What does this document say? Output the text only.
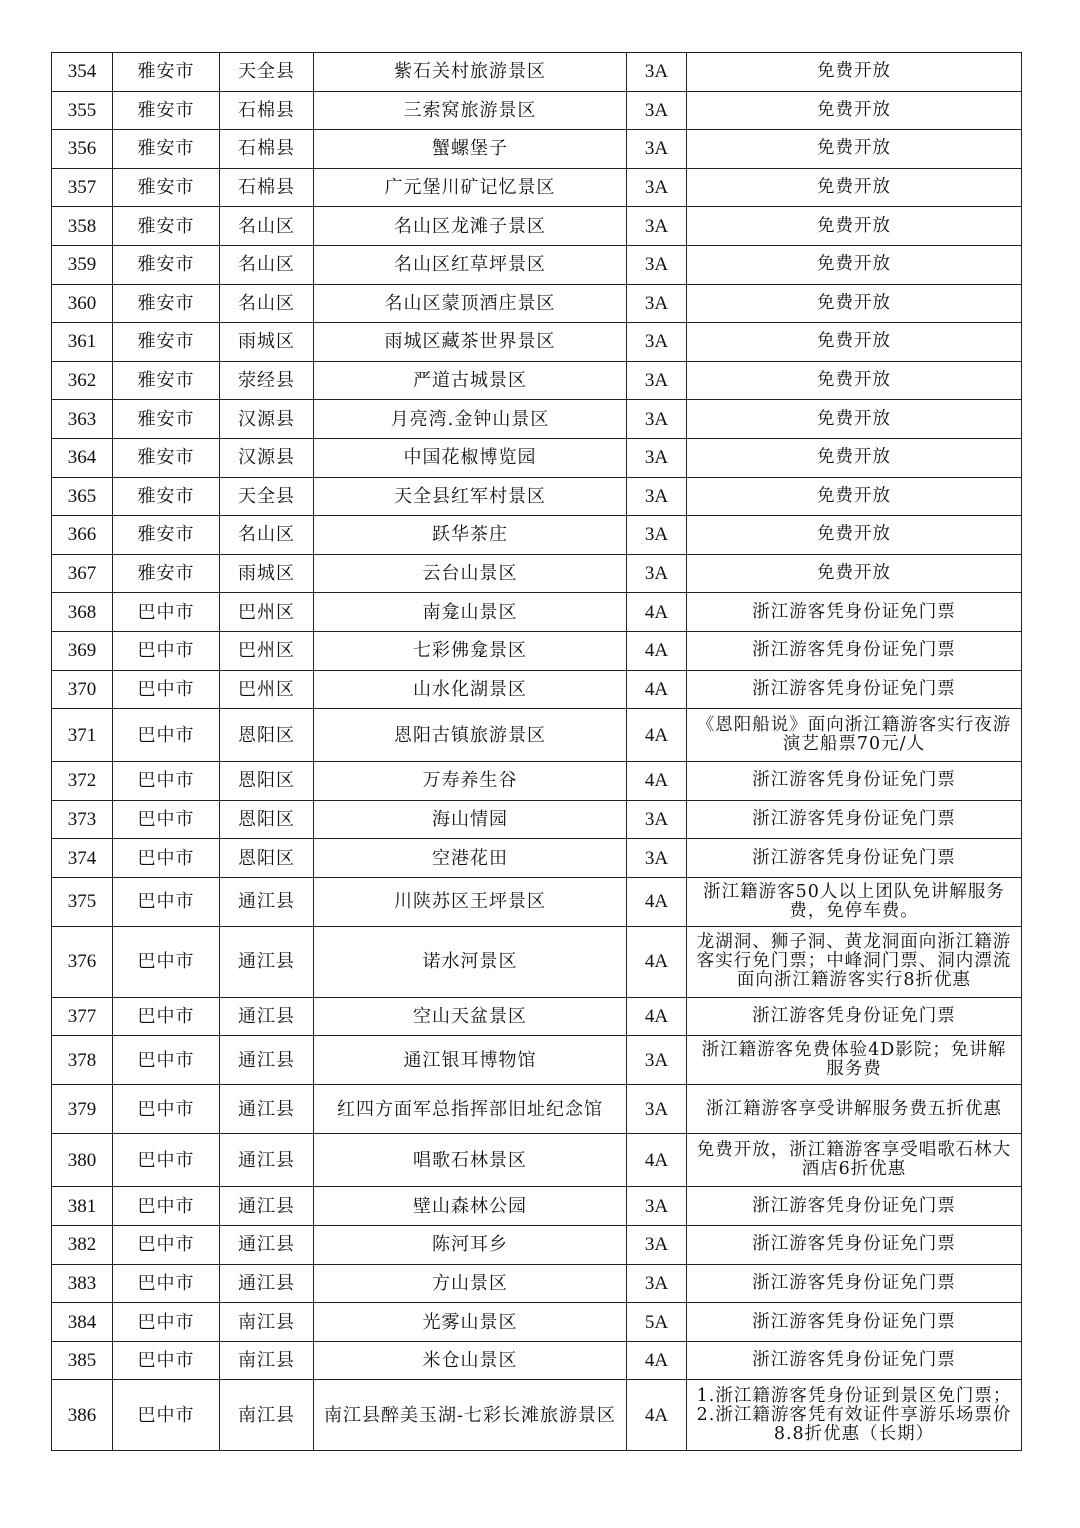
354	雅安市	天全县	紫石关村旅游景区	3A	免费开放
355	雅安市	石棉县	三索窝旅游景区	3A	免费开放
356	雅安市	石棉县	蟹螺堡子	3A	免费开放
357	雅安市	石棉县	广元堡川矿记忆景区	3A	免费开放
358	雅安市	名山区	名山区龙滩子景区	3A	免费开放
359	雅安市	名山区	名山区红草坪景区	3A	免费开放
360	雅安市	名山区	名山区蒙顶酒庄景区	3A	免费开放
361	雅安市	雨城区	雨城区藏茶世界景区	3A	免费开放
362	雅安市	荥经县	严道古城景区	3A	免费开放
363	雅安市	汉源县	月亮湾.金钟山景区	3A	免费开放
364	雅安市	汉源县	中国花椒博览园	3A	免费开放
365	雅安市	天全县	天全县红军村景区	3A	免费开放
366	雅安市	名山区	跃华茶庄	3A	免费开放
367	雅安市	雨城区	云台山景区	3A	免费开放
368	巴中市	巴州区	南龛山景区	4A	浙江游客凭身份证免门票
369	巴中市	巴州区	七彩佛龛景区	4A	浙江游客凭身份证免门票
370	巴中市	巴州区	山水化湖景区	4A	浙江游客凭身份证免门票
371	巴中市	恩阳区	恩阳古镇旅游景区	4A	《恩阳船说》面向浙江籍游客实行夜游演艺船票70元/人
372	巴中市	恩阳区	万寿养生谷	4A	浙江游客凭身份证免门票
373	巴中市	恩阳区	海山情园	3A	浙江游客凭身份证免门票
374	巴中市	恩阳区	空港花田	3A	浙江游客凭身份证免门票
375	巴中市	通江县	川陕苏区王坪景区	4A	浙江籍游客50人以上团队免讲解服务费，免停车费。
376	巴中市	通江县	诺水河景区	4A	龙湖洞、狮子洞、黄龙洞面向浙江籍游客实行免门票；中峰洞门票、洞内漂流面向浙江籍游客实行8折优惠
377	巴中市	通江县	空山天盆景区	4A	浙江游客凭身份证免门票
378	巴中市	通江县	通江银耳博物馆	3A	浙江籍游客免费体验4D影院；免讲解服务费
379	巴中市	通江县	红四方面军总指挥部旧址纪念馆	3A	浙江籍游客享受讲解服务费五折优惠
380	巴中市	通江县	唱歌石林景区	4A	免费开放，浙江籍游客享受唱歌石林大酒店6折优惠
381	巴中市	通江县	壁山森林公园	3A	浙江游客凭身份证免门票
382	巴中市	通江县	陈河耳乡	3A	浙江游客凭身份证免门票
383	巴中市	通江县	方山景区	3A	浙江游客凭身份证免门票
384	巴中市	南江县	光雾山景区	5A	浙江游客凭身份证免门票
385	巴中市	南江县	米仓山景区	4A	浙江游客凭身份证免门票
386	巴中市	南江县	南江县醉美玉湖-七彩长滩旅游景区	4A	1.浙江籍游客凭身份证到景区免门票；2.浙江籍游客凭有效证件享游乐场票价8.8折优惠（长期）
